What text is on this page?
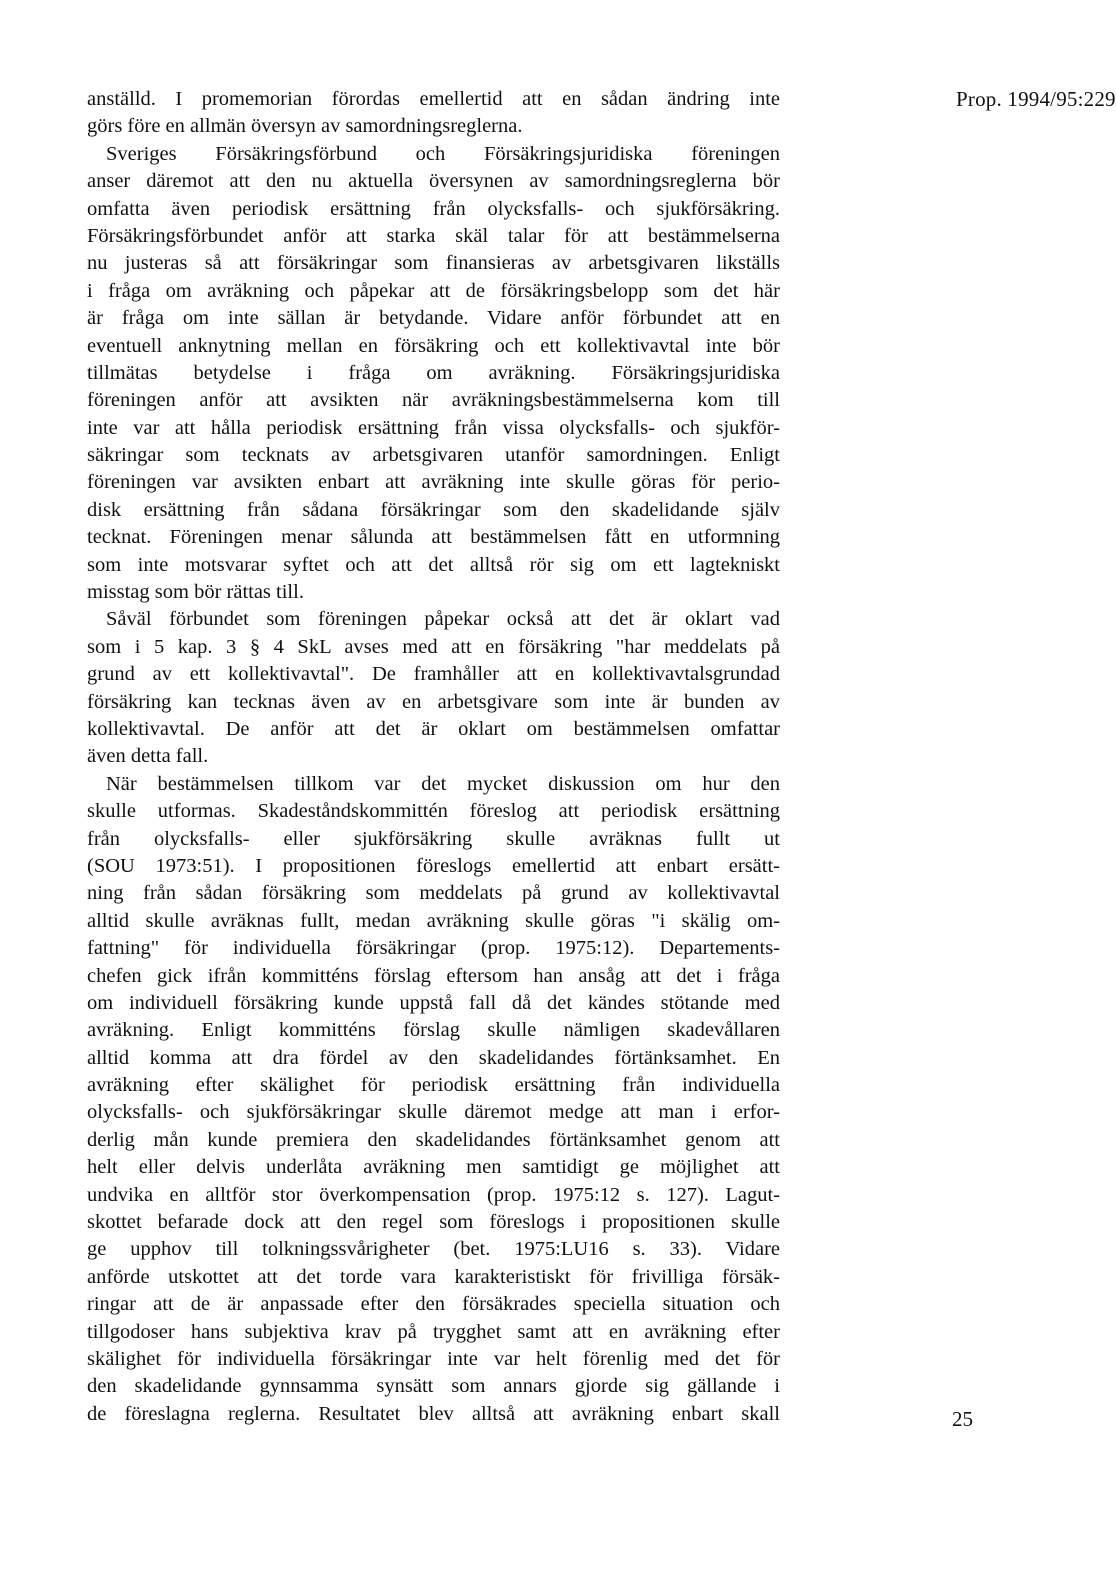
Prop. 1994/95:229
anställd. I promemorian förordas emellertid att en sådan ändring inte
görs före en allmän översyn av samordningsreglerna.
Sveriges Försäkringsförbund och Försäkringsjuridiska föreningen
anser däremot att den nu aktuella översynen av samordningsreglerna bör
omfatta även periodisk ersättning från olycksfalls- och sjukförsäkring.
Försäkringsförbundet anför att starka skäl talar för att bestämmelserna
nu justeras så att försäkringar som finansieras av arbetsgivaren likställs
i fråga om avräkning och påpekar att de försäkringsbelopp som det här
är fråga om inte sällan är betydande. Vidare anför förbundet att en
eventuell anknytning mellan en försäkring och ett kollektivavtal inte bör
tillmätas betydelse i fråga om avräkning. Försäkringsjuridiska
föreningen anför att avsikten när avräkningsbestämmelserna kom till
inte var att hålla periodisk ersättning från vissa olycksfalls- och sjukför-
säkringar som tecknats av arbetsgivaren utanför samordningen. Enligt
föreningen var avsikten enbart att avräkning inte skulle göras för perio-
disk ersättning från sådana försäkringar som den skadelidande själv
tecknat. Föreningen menar sålunda att bestämmelsen fått en utformning
som inte motsvarar syftet och att det alltså rör sig om ett lagtekniskt
misstag som bör rättas till.
Såväl förbundet som föreningen påpekar också att det är oklart vad
som i 5 kap. 3 § 4 SkL avses med att en försäkring "har meddelats på
grund av ett kollektivavtal". De framhåller att en kollektivavtalsgrundad
försäkring kan tecknas även av en arbetsgivare som inte är bunden av
kollektivavtal. De anför att det är oklart om bestämmelsen omfattar
även detta fall.
När bestämmelsen tillkom var det mycket diskussion om hur den
skulle utformas. Skadeståndskommittén föreslog att periodisk ersättning
från olycksfalls- eller sjukförsäkring skulle avräknas fullt ut
(SOU 1973:51). I propositionen föreslogs emellertid att enbart ersätt-
ning från sådan försäkring som meddelats på grund av kollektivavtal
alltid skulle avräknas fullt, medan avräkning skulle göras "i skälig om-
fattning" för individuella försäkringar (prop. 1975:12). Departements-
chefen gick ifrån kommitténs förslag eftersom han ansåg att det i fråga
om individuell försäkring kunde uppstå fall då det kändes stötande med
avräkning. Enligt kommitténs förslag skulle nämligen skadevållaren
alltid komma att dra fördel av den skadelidandes förtänksamhet. En
avräkning efter skälighet för periodisk ersättning från individuella
olycksfalls- och sjukförsäkringar skulle däremot medge att man i erfor-
derlig mån kunde premiera den skadelidandes förtänksamhet genom att
helt eller delvis underlåta avräkning men samtidigt ge möjlighet att
undvika en alltför stor överkompensation (prop. 1975:12 s. 127). Lagut-
skottet befarade dock att den regel som föreslogs i propositionen skulle
ge upphov till tolkningssvårigheter (bet. 1975:LU16 s. 33). Vidare
anförde utskottet att det torde vara karakteristiskt för frivilliga försäk-
ringar att de är anpassade efter den försäkrades speciella situation och
tillgodoser hans subjektiva krav på trygghet samt att en avräkning efter
skälighet för individuella försäkringar inte var helt förenlig med det för
den skadelidande gynnsamma synsätt som annars gjorde sig gällande i
de föreslagna reglerna. Resultatet blev alltså att avräkning enbart skall	25
